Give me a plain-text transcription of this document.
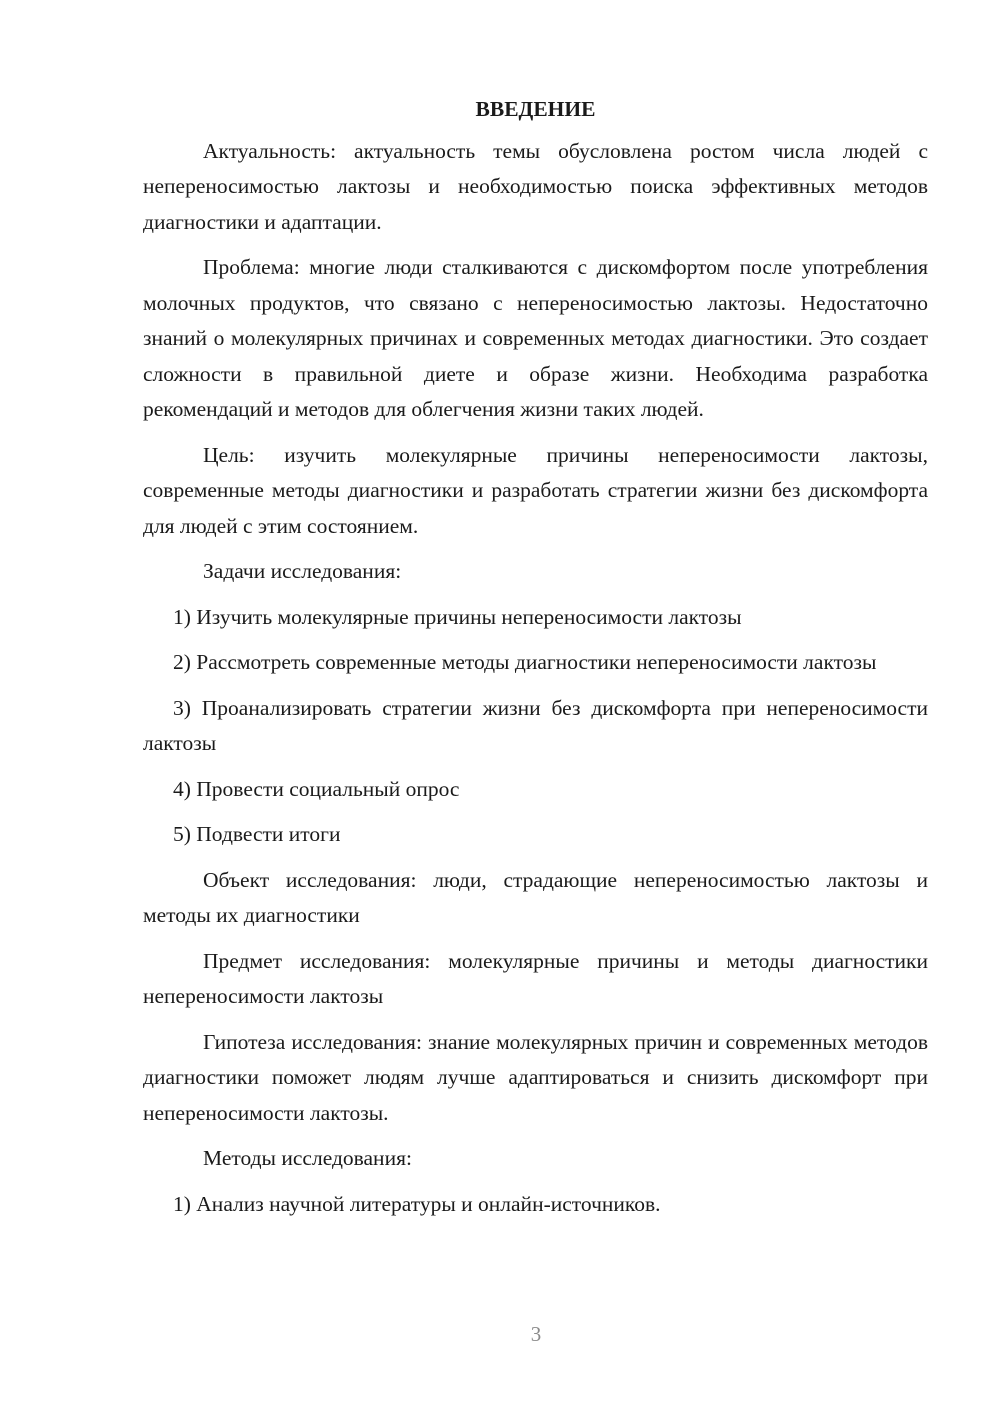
ВВЕДЕНИЕ

Актуальность: актуальность темы обусловлена ростом числа людей с непереносимостью лактозы и необходимостью поиска эффективных методов диагностики и адаптации.

Проблема: многие люди сталкиваются с дискомфортом после употребления молочных продуктов, что связано с непереносимостью лактозы. Недостаточно знаний о молекулярных причинах и современных методах диагностики. Это создает сложности в правильной диете и образе жизни. Необходима разработка рекомендаций и методов для облегчения жизни таких людей.

Цель: изучить молекулярные причины непереносимости лактозы, современные методы диагностики и разработать стратегии жизни без дискомфорта для людей с этим состоянием.

Задачи исследования:

1) Изучить молекулярные причины непереносимости лактозы

2) Рассмотреть современные методы диагностики непереносимости лактозы

3) Проанализировать стратегии жизни без дискомфорта при непереносимости лактозы

4) Провести социальный опрос

5) Подвести итоги

Объект исследования: люди, страдающие непереносимостью лактозы и методы их диагностики

Предмет исследования: молекулярные причины и методы диагностики непереносимости лактозы

Гипотеза исследования: знание молекулярных причин и современных методов диагностики поможет людям лучше адаптироваться и снизить дискомфорт при непереносимости лактозы.

Методы исследования:

1) Анализ научной литературы и онлайн-источников.

3
